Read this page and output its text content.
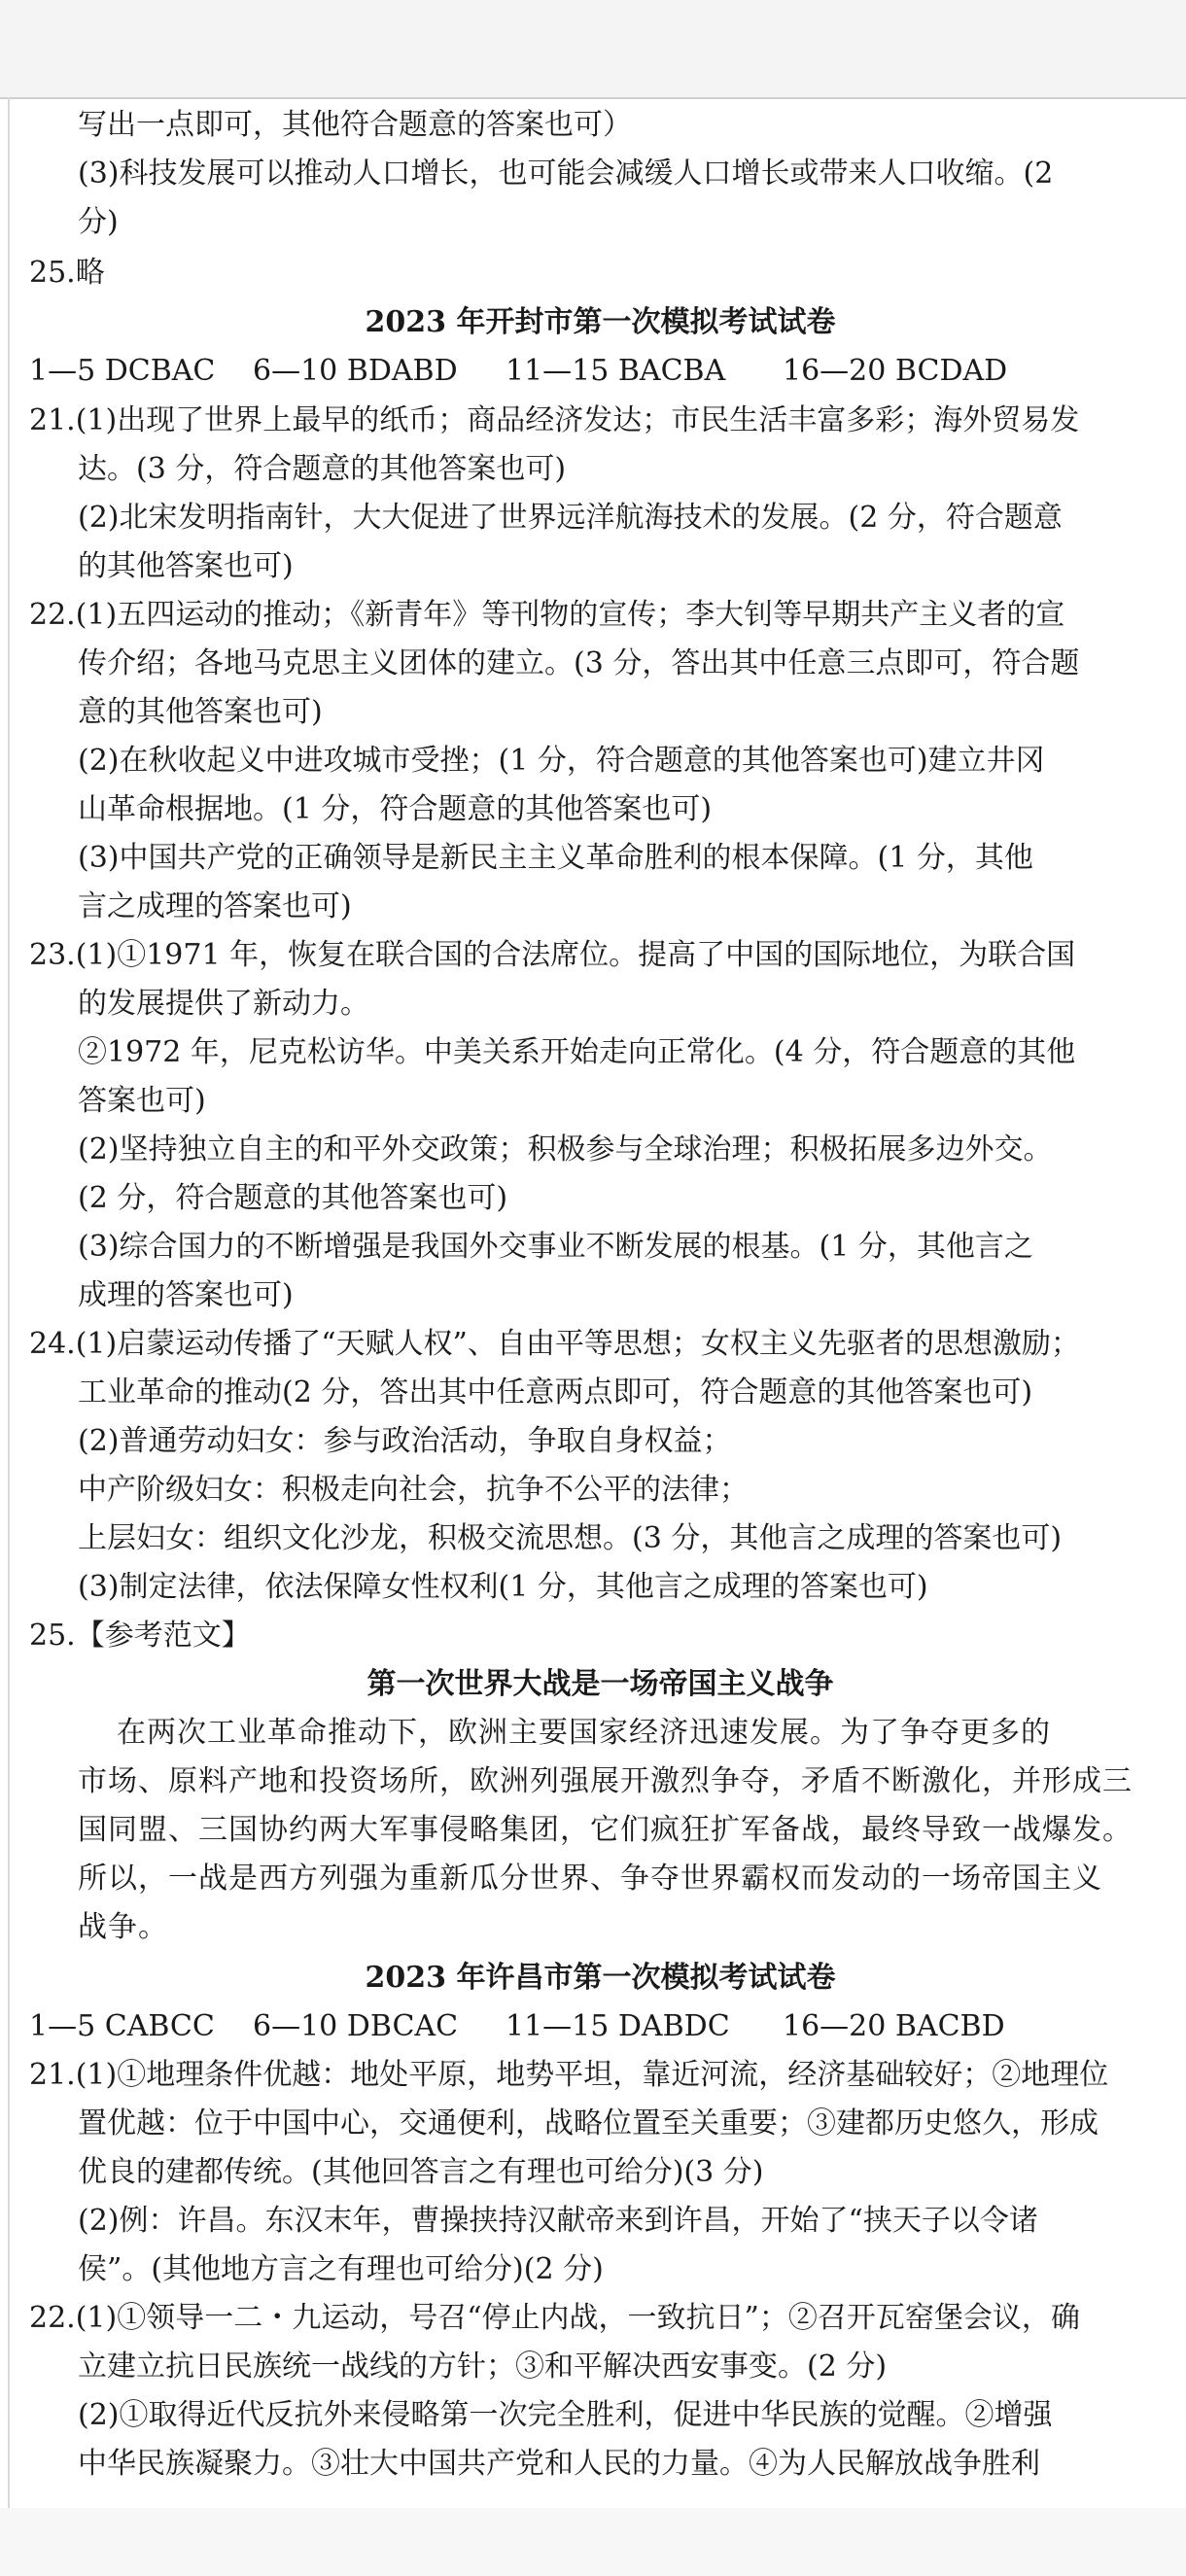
写出一点即可，其他符合题意的答案也可）
(3)科技发展可以推动人口增长，也可能会减缓人口增长或带来人口收缩。(2
分)
25.略
2023 年开封市第一次模拟考试试卷
1—5 DCBAC 6—10 BDABD 11—15 BACBA 16—20 BCDAD
21.(1)出现了世界上最早的纸币；商品经济发达；市民生活丰富多彩；海外贸易发
达。(3 分，符合题意的其他答案也可)
(2)北宋发明指南针，大大促进了世界远洋航海技术的发展。(2 分，符合题意
的其他答案也可)
22.(1)五四运动的推动；《新青年》等刊物的宣传；李大钊等早期共产主义者的宣
传介绍；各地马克思主义团体的建立。(3 分，答出其中任意三点即可，符合题
意的其他答案也可)
(2)在秋收起义中进攻城市受挫；(1 分，符合题意的其他答案也可)建立井冈
山革命根据地。(1 分，符合题意的其他答案也可)
(3)中国共产党的正确领导是新民主主义革命胜利的根本保障。(1 分，其他
言之成理的答案也可)
23.(1)①1971 年，恢复在联合国的合法席位。提高了中国的国际地位，为联合国
的发展提供了新动力。
②1972 年，尼克松访华。中美关系开始走向正常化。(4 分，符合题意的其他
答案也可)
(2)坚持独立自主的和平外交政策；积极参与全球治理；积极拓展多边外交。
(2 分，符合题意的其他答案也可)
(3)综合国力的不断增强是我国外交事业不断发展的根基。(1 分，其他言之
成理的答案也可)
24.(1)启蒙运动传播了“天赋人权”、自由平等思想；女权主义先驱者的思想激励；
工业革命的推动(2 分，答出其中任意两点即可，符合题意的其他答案也可)
(2)普通劳动妇女：参与政治活动，争取自身权益；
中产阶级妇女：积极走向社会，抗争不公平的法律；
上层妇女：组织文化沙龙，积极交流思想。(3 分，其他言之成理的答案也可)
(3)制定法律，依法保障女性权利(1 分，其他言之成理的答案也可)
25.【参考范文】
第一次世界大战是一场帝国主义战争
在两次工业革命推动下，欧洲主要国家经济迅速发展。为了争夺更多的
市场、原料产地和投资场所，欧洲列强展开激烈争夺，矛盾不断激化，并形成三
国同盟、三国协约两大军事侵略集团，它们疯狂扩军备战，最终导致一战爆发。
所以，一战是西方列强为重新瓜分世界、争夺世界霸权而发动的一场帝国主义
战争。
2023 年许昌市第一次模拟考试试卷
1—5 CABCC 6—10 DBCAC 11—15 DABDC 16—20 BACBD
21.(1)①地理条件优越：地处平原，地势平坦，靠近河流，经济基础较好；②地理位
置优越：位于中国中心，交通便利，战略位置至关重要；③建都历史悠久，形成
优良的建都传统。(其他回答言之有理也可给分)(3 分)
(2)例：许昌。东汉末年，曹操挟持汉献帝来到许昌，开始了“挟天子以令诸
侯”。(其他地方言之有理也可给分)(2 分)
22.(1)①领导一二・九运动，号召“停止内战，一致抗日”；②召开瓦窑堡会议，确
立建立抗日民族统一战线的方针；③和平解决西安事变。(2 分)
(2)①取得近代反抗外来侵略第一次完全胜利，促进中华民族的觉醒。②增强
中华民族凝聚力。③壮大中国共产党和人民的力量。④为人民解放战争胜利
